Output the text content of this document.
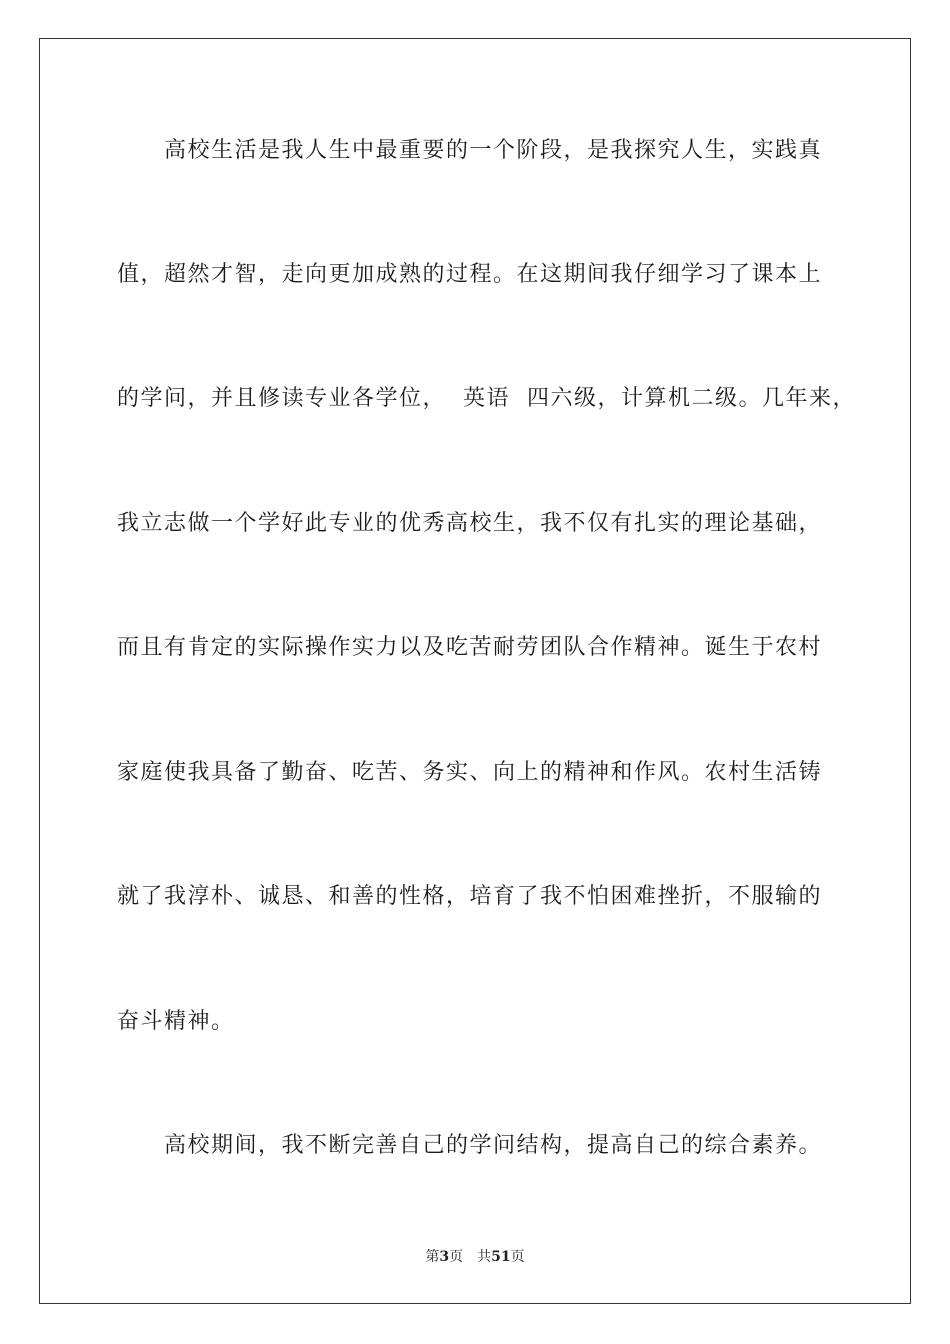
高校生活是我人生中最重要的一个阶段，是我探究人生，实践真
值，超然才智，走向更加成熟的过程。在这期间我仔细学习了课本上
的学问，并且修读专业各学位，  英语  四六级，计算机二级。几年来，
我立志做一个学好此专业的优秀高校生，我不仅有扎实的理论基础，
而且有肯定的实际操作实力以及吃苦耐劳团队合作精神。诞生于农村
家庭使我具备了勤奋、吃苦、务实、向上的精神和作风。农村生活铸
就了我淳朴、诚恳、和善的性格，培育了我不怕困难挫折，不服输的
奋斗精神。
高校期间，我不断完善自己的学问结构，提高自己的综合素养。
第3页 共51页
